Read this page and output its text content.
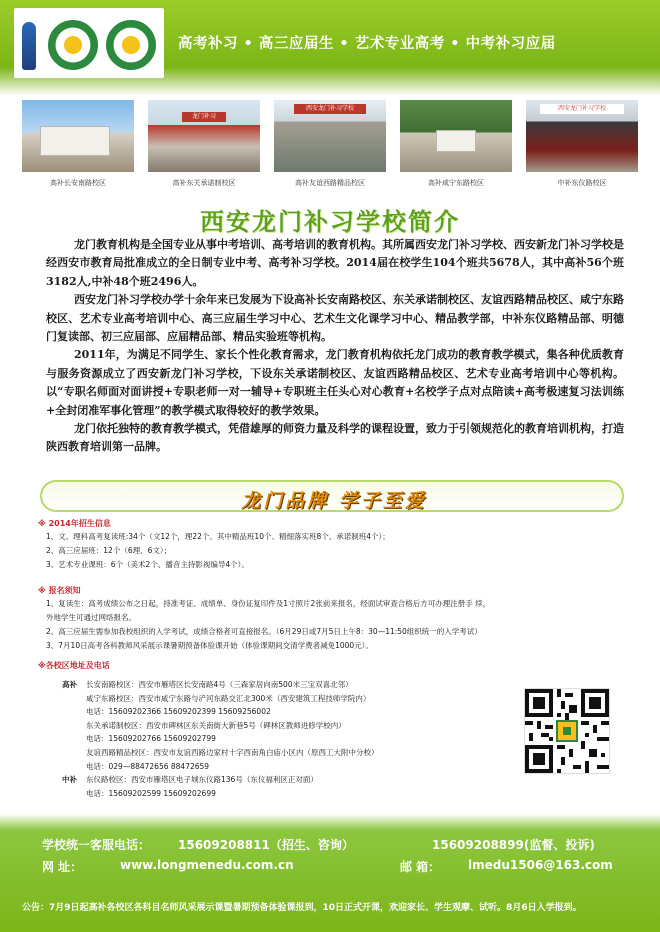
高考补习 • 高三应届生 • 艺术专业高考 • 中考补习应届
高补长安南路校区
龙门补习
高补东关承诺制校区
西安龙门补习学校
高补友谊西路精品校区	高补咸宁东路校区
西安龙门补习学校
中补东仪路校区
西安龙门补习学校简介

龙门教育机构是全国专业从事中考培训、高考培训的教育机构。其所属西安龙门补习学校、西安新龙门补习学校是经西安市教育局批准成立的全日制专业中考、高考补习学校。2014届在校学生104个班共5678人，其中高补56个班3182人,中补48个班2496人。

西安龙门补习学校办学十余年来已发展为下设高补长安南路校区、东关承诺制校区、友谊西路精品校区、咸宁东路校区、艺术专业高考培训中心、高三应届生学习中心、艺术生文化课学习中心、精品教学部，中补东仪路精品部、明德门复读部、初三应届部、应届精品部、精品实验班等机构。

2011年，为满足不同学生、家长个性化教育需求，龙门教育机构依托龙门成功的教育教学模式，集各种优质教育与服务资源成立了西安新龙门补习学校，下设东关承诺制校区、友谊西路精品校区、艺术专业高考培训中心等机构。以“专职名师面对面讲授+专职老师一对一辅导+专职班主任头心对心教育+名校学子点对点陪读+高考极速复习法训练+全封闭准军事化管理”的教学模式取得较好的教学效果。

龙门依托独特的教育教学模式，凭借雄厚的师资力量及科学的课程设置，致力于引领规范化的教育培训机构，打造陕西教育培训第一品牌。

龙门品牌 学子至爱
※ 2014年招生信息
1、文、理科高考复读班:34个（文12个，理22个。其中精品班10个、精细落实班8个、承诺制班4个）；
2、高三应届班：12个（6理、6文）；
3、艺术专业课班：6个（美术2个、播音主持影视编导4个）。
※ 报名须知
1、复读生：高考成绩公布之日起，持准考证、成绩单、身份证复印件及1寸照片2张前来报名，经面试审查合格后方可办理注册手 续，
外地学生可通过网络报名。
2、高三应届生需参加我校组织的入学考试，成绩合格者可直接报名。（6月29日或7月5日上午8：30—11:50组织统一的入学考试）
3、7月10日高考各科教师风采展示课暑期预备体验课开始（体验课期间交清学费者减免1000元）。
※各校区地址及电话
高补	长安南路校区：西安市雁塔区长安南路4号（三森家居向南500米三宝双喜北邻）
咸宁东路校区：西安市咸宁东路与浐河东路交汇北300米（西安建筑工程技师学院内）
电话：15609202366 15609202399 15609256002
东关承诺制校区：西安市碑林区东关南街大新巷5号（碑林区教师进修学校内）
电话：15609202766 15609202799
友谊西路精品校区：西安市友谊西路边家村十字西南角白庙小区内（原西工大附中分校）
电话：029—88472656 88472659
中补	东仪路校区：西安市雁塔区电子城东仪路136号（东仪福利区正对面）
电话：15609202599 15609202699
学校统一客服电话： 15609208811（招生、咨询）	15609208899(监督、投诉)
网 址：	www.longmenedu.com.cn	邮 箱： lmedu1506@163.com
公告：7月9日起高补各校区各科目名师风采展示课暨暑期预备体验课报到，10日正式开课，欢迎家长、学生观摩、试听。8月6日入学报到。
